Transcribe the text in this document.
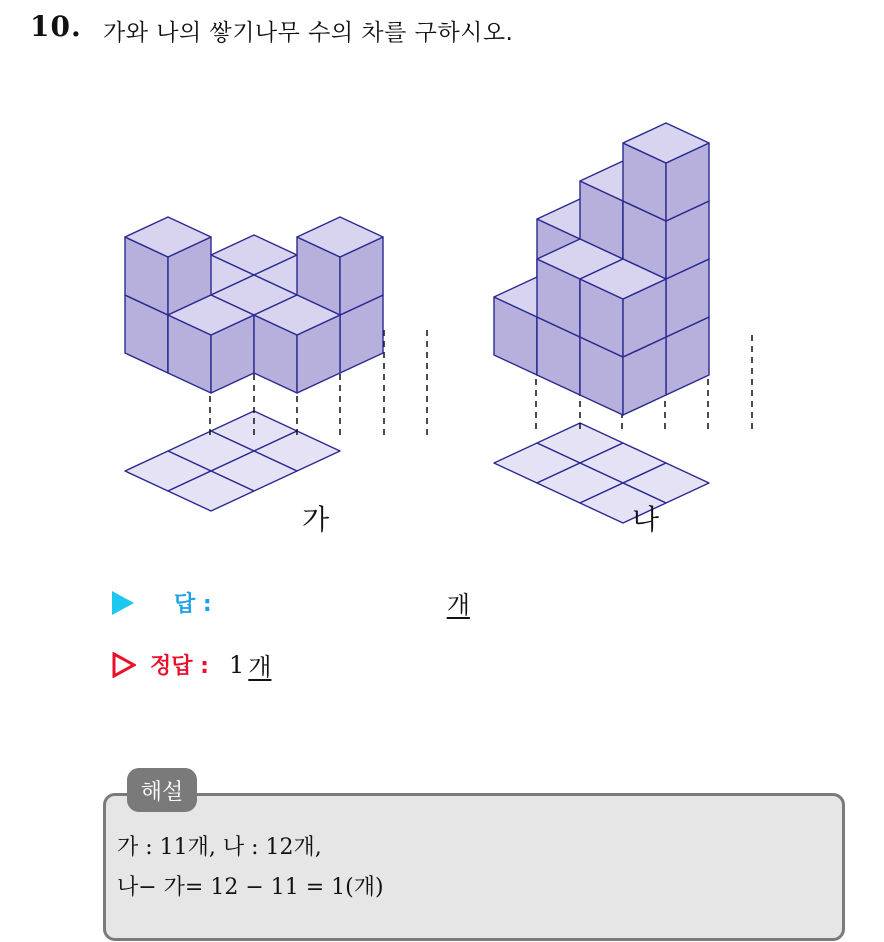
10. 가와 나의 쌓기나무 수의 차를 구하시오.
가	나
답 :	개
정답 : 1 개
해설
가 : 11개, 나 : 12개,
나− 가= 12 − 11 = 1(개)
